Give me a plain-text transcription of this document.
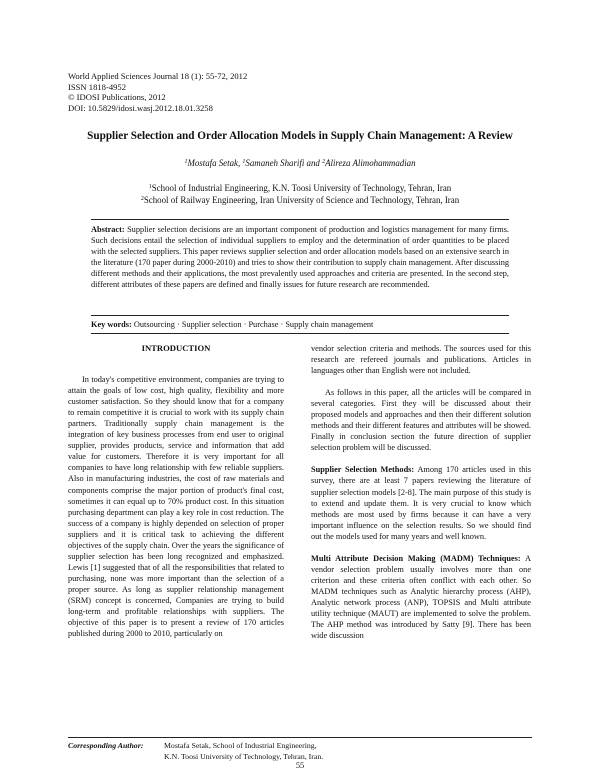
World Applied Sciences Journal 18 (1): 55-72, 2012
ISSN 1818-4952
© IDOSI Publications, 2012
DOI: 10.5829/idosi.wasj.2012.18.01.3258
Supplier Selection and Order Allocation Models in Supply Chain Management: A Review
$^1$Mostafa Setak, $^1$Samaneh Sharifi and $^2$Alireza Alimohammadian
$^1$School of Industrial Engineering, K.N. Toosi University of Technology, Tehran, Iran
$^2$School of Railway Engineering, Iran University of Science and Technology, Tehran, Iran
Abstract: Supplier selection decisions are an important component of production and logistics management for many firms. Such decisions entail the selection of individual suppliers to employ and the determination of order quantities to be placed with the selected suppliers. This paper reviews supplier selection and order allocation models based on an extensive search in the literature (170 paper during 2000-2010) and tries to show their contribution to supply chain management. After discussing different methods and their applications, the most prevalently used approaches and criteria are presented. In the second step, different attributes of these papers are defined and finally issues for future research are recommended.
Key words: Outsourcing · Supplier selection · Purchase · Supply chain management
INTRODUCTION

In today's competitive environment, companies are trying to attain the goals of low cost, high quality, flexibility and more customer satisfaction. So they should know that for a company to remain competitive it is crucial to work with its supply chain partners. Traditionally supply chain management is the integration of key business processes from end user to original supplier, provides products, service and information that add value for customers. Therefore it is very important for all companies to have long relationship with few reliable suppliers. Also in manufacturing industries, the cost of raw materials and components comprise the major portion of product's final cost, sometimes it can equal up to 70% product cost. In this situation purchasing department can play a key role in cost reduction. The success of a company is highly depended on selection of proper suppliers and it is critical task to achieving the different objectives of the supply chain. Over the years the significance of supplier selection has been long recognized and emphasized. Lewis [1] suggested that of all the responsibilities that related to purchasing, none was more important than the selection of a proper source. As long as supplier relationship management (SRM) concept is concerned, Companies are trying to build long-term and profitable relationships with suppliers. The objective of this paper is to present a review of 170 articles published during 2000 to 2010, particularly on

vendor selection criteria and methods. The sources used for this research are refereed journals and publications. Articles in languages other than English were not included.

As follows in this paper, all the articles will be compared in several categories. First they will be discussed about their proposed models and approaches and then their different solution methods and their different features and attributes will be showed. Finally in conclusion section the future direction of supplier selection problem will be discussed.

Supplier Selection Methods: Among 170 articles used in this survey, there are at least 7 papers reviewing the literature of supplier selection models [2-8]. The main purpose of this study is to extend and update them. It is very crucial to know which methods are most used by firms because it can have a very important influence on the selection results. So we should find out the models used for many years and well known.

Multi Attribute Decision Making (MADM) Techniques: A vendor selection problem usually involves more than one criterion and these criteria often conflict with each other. So MADM techniques such as Analytic hierarchy process (AHP), Analytic network process (ANP), TOPSIS and Multi attribute utility technique (MAUT) are implemented to solve the problem. The AHP method was introduced by Satty [9]. There has been wide discussion

Corresponding Author:	Mostafa Setak, School of Industrial Engineering,
K.N. Toosi University of Technology, Tehran, Iran.
55
